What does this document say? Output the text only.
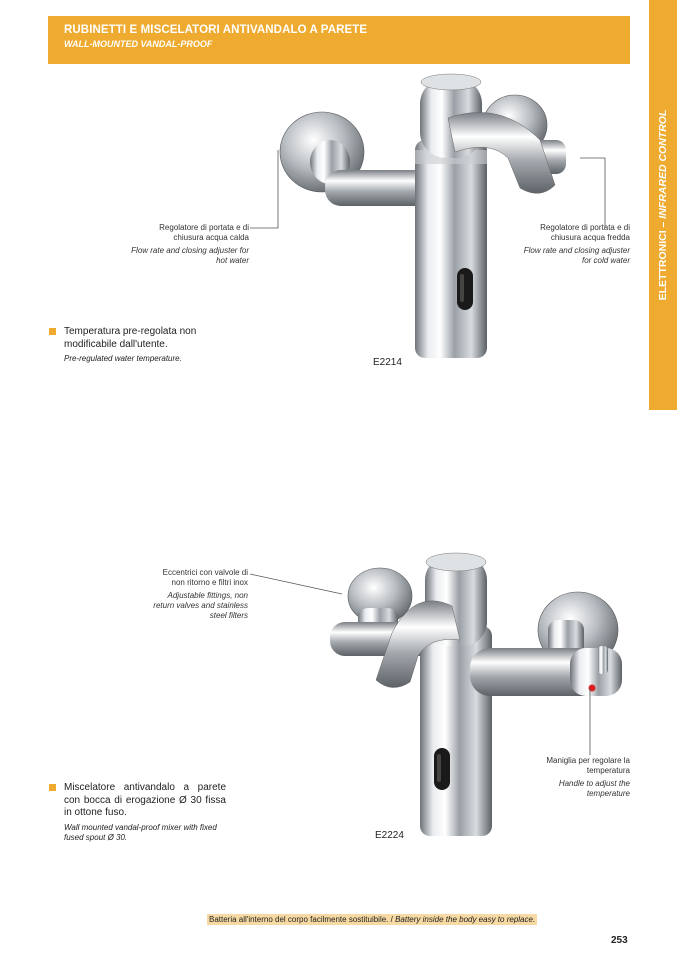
RUBINETTI E MISCELATORI ANTIVANDALO A PARETE
WALL-MOUNTED VANDAL-PROOF
ELETTRONICI – INFRARED CONTROL
Regolatore di portata e di chiusura acqua calda
Flow rate and closing adjuster for hot water
Regolatore di portata e di chiusura acqua fredda
Flow rate and closing adjuster for cold water
Temperatura pre-regolata non modificabile dall'utente.
Pre-regulated water temperature.	E2214
Eccentrici con valvole di non ritorno e filtri inox
Adjustable fittings, non return valves and stainless steel filters
Maniglia per regolare la temperatura
Handle to adjust the temperature
Miscelatore antivandalo a parete con bocca di erogazione Ø 30 fissa in ottone fuso.
Wall mounted vandal-proof mixer with fixed fused spout Ø 30.	E2224
Batteria all'interno del corpo facilmente sostituibile. / Battery inside the body easy to replace.
253
